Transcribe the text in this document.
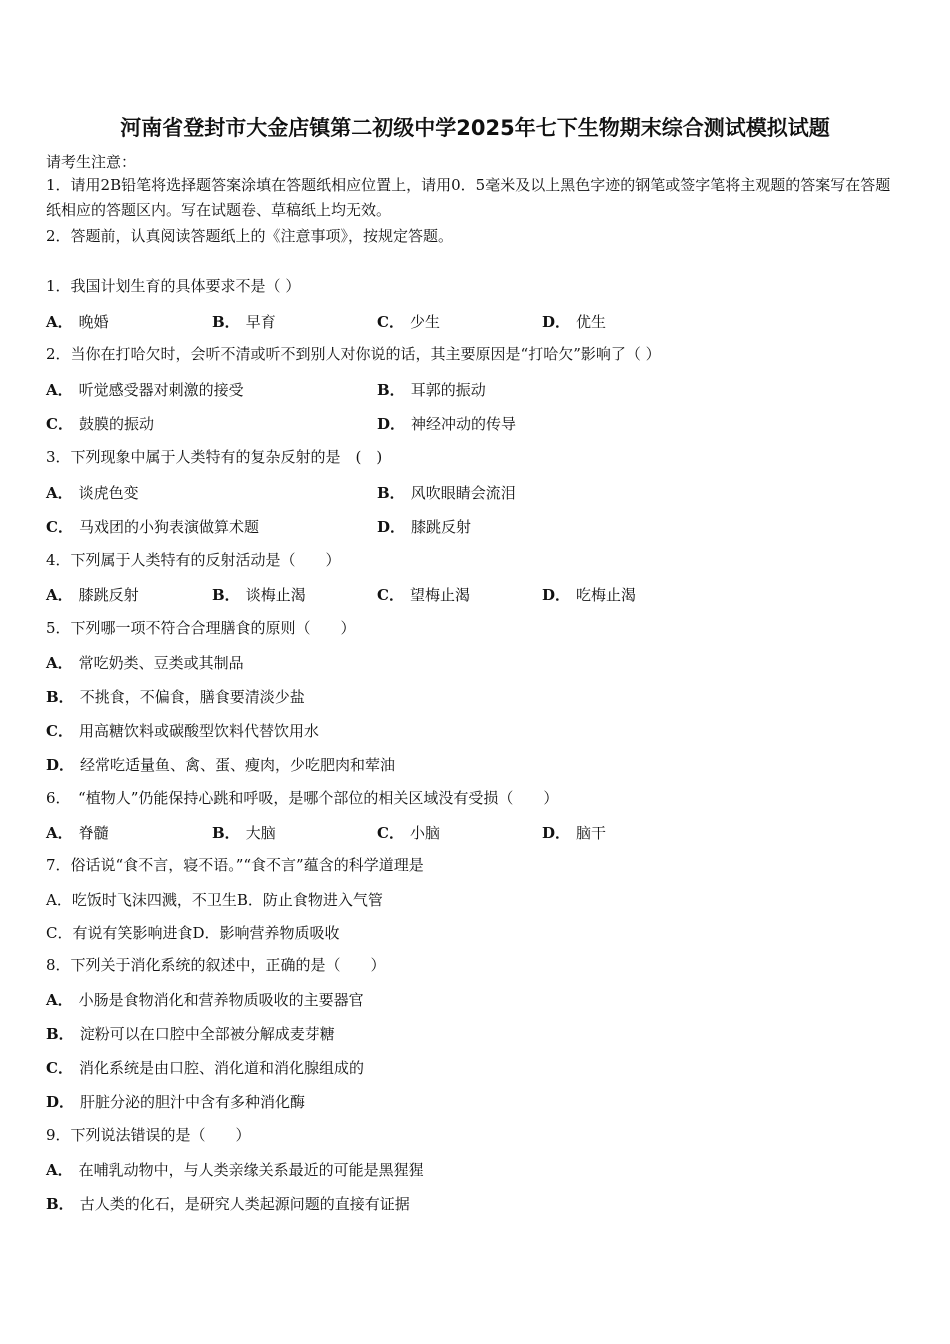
河南省登封市大金店镇第二初级中学2025年七下生物期末综合测试模拟试题
请考生注意：
1．请用2B铅笔将选择题答案涂填在答题纸相应位置上，请用0．5毫米及以上黑色字迹的钢笔或签字笔将主观题的答案写在答题纸相应的答题区内。写在试题卷、草稿纸上均无效。
2．答题前，认真阅读答题纸上的《注意事项》，按规定答题。
1．我国计划生育的具体要求不是（ ）
A． 晚婚	B． 早育	C． 少生	D． 优生
2．当你在打哈欠时，会听不清或听不到别人对你说的话，其主要原因是“打哈欠”影响了（ ）
A． 听觉感受器对刺激的接受	B． 耳郭的振动
C． 鼓膜的振动	D． 神经冲动的传导
3．下列现象中属于人类特有的复杂反射的是　(　)
A． 谈虎色变	B． 风吹眼睛会流泪
C． 马戏团的小狗表演做算术题	D． 膝跳反射
4．下列属于人类特有的反射活动是（　　）
A． 膝跳反射	B． 谈梅止渴	C． 望梅止渴	D． 吃梅止渴
5．下列哪一项不符合合理膳食的原则（　　）
A． 常吃奶类、豆类或其制品
B． 不挑食，不偏食，膳食要清淡少盐
C． 用高糖饮料或碳酸型饮料代替饮用水
D． 经常吃适量鱼、禽、蛋、瘦肉，少吃肥肉和荤油
6．　“植物人”仍能保持心跳和呼吸，是哪个部位的相关区域没有受损（　　）
A． 脊髓	B． 大脑	C． 小脑	D． 脑干
7．俗话说“食不言，寝不语。”“食不言”蕴含的科学道理是
A．吃饭时飞沫四溅，不卫生B．防止食物进入气管
C．有说有笑影响进食D．影响营养物质吸收
8．下列关于消化系统的叙述中，正确的是（　　）
A． 小肠是食物消化和营养物质吸收的主要器官
B． 淀粉可以在口腔中全部被分解成麦芽糖
C． 消化系统是由口腔、消化道和消化腺组成的
D． 肝脏分泌的胆汁中含有多种消化酶
9．下列说法错误的是（　　）
A． 在哺乳动物中，与人类亲缘关系最近的可能是黑猩猩
B． 古人类的化石，是研究人类起源问题的直接有证据
